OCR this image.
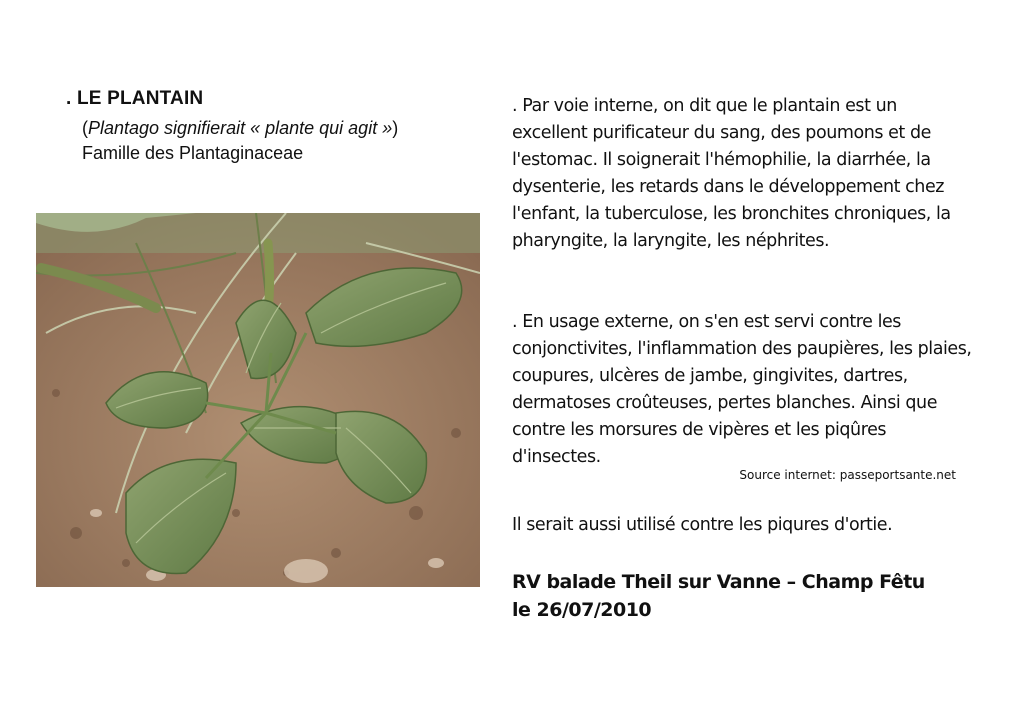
. LE PLANTAIN
(Plantago signifierait « plante qui agit »)
Famille des Plantaginaceae

. Par voie interne, on dit que le plantain est un excellent purificateur du sang, des poumons et de l'estomac. Il soignerait l'hémophilie, la diarrhée, la dysenterie, les retards dans le développement chez l'enfant, la tuberculose, les bronchites chroniques, la pharyngite, la laryngite, les néphrites.

. En usage externe, on s'en est servi contre les conjonctivites, l'inflammation des paupières, les plaies, coupures, ulcères de jambe, gingivites, dartres, dermatoses croûteuses, pertes blanches. Ainsi que contre les morsures de vipères et les piqûres d'insectes.

Source internet: passeportsante.net

Il serait aussi utilisé contre les piqures d'ortie.

RV balade Theil sur Vanne – Champ Fêtu
le 26/07/2010
